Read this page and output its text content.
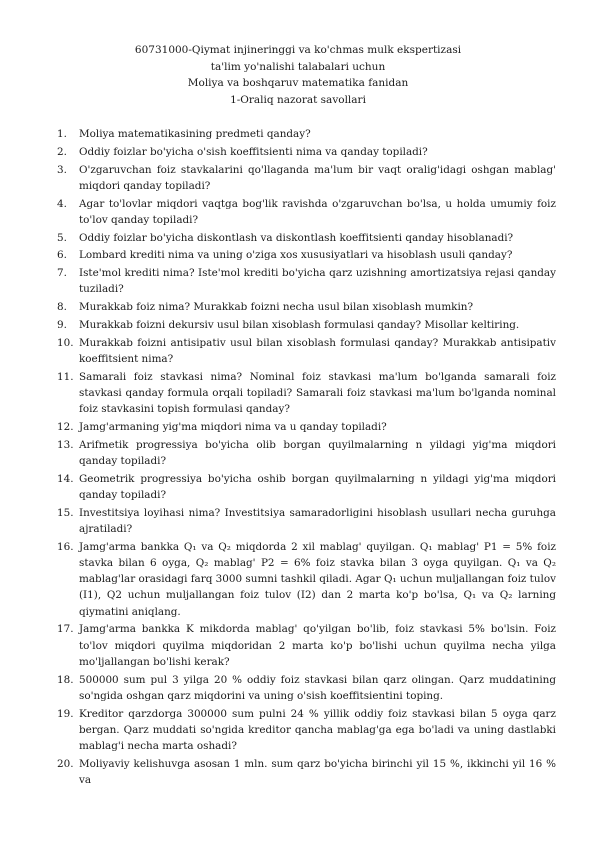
60731000-Qiymat injineringgi va ko'chmas mulk ekspertizasi
ta'lim yo'nalishi talabalari uchun
Moliya va boshqaruv matematika fanidan
1-Oraliq nazorat savollari
1. Moliya matematikasining predmeti qanday?
2. Oddiy foizlar bo'yicha o'sish koeffitsienti nima va qanday topiladi?
3. O'zgaruvchan foiz stavkalarini qo'llaganda ma'lum bir vaqt oralig'idagi oshgan mablag' miqdori qanday topiladi?
4. Agar to'lovlar miqdori vaqtga bog'lik ravishda o'zgaruvchan bo'lsa, u holda umumiy foiz to'lov qanday topiladi?
5. Oddiy foizlar bo'yicha diskontlash va diskontlash koeffitsienti qanday hisoblanadi?
6. Lombard krediti nima va uning o'ziga xos xususiyatlari va hisoblash usuli qanday?
7. Iste'mol krediti nima? Iste'mol krediti bo'yicha qarz uzishning amortizatsiya rejasi qanday tuziladi?
8. Murakkab foiz nima? Murakkab foizni necha usul bilan xisoblash mumkin?
9. Murakkab foizni dekursiv usul bilan xisoblash formulasi qanday? Misollar keltiring.
10. Murakkab foizni antisipativ usul bilan xisoblash formulasi qanday? Murakkab antisipativ koeffitsient nima?
11. Samarali foiz stavkasi nima? Nominal foiz stavkasi ma'lum bo'lganda samarali foiz stavkasi qanday formula orqali topiladi? Samarali foiz stavkasi ma'lum bo'lganda nominal foiz stavkasini topish formulasi qanday?
12. Jamg'armaning yig'ma miqdori nima va u qanday topiladi?
13. Arifmetik progressiya bo'yicha olib borgan quyilmalarning n yildagi yig'ma miqdori qanday topiladi?
14. Geometrik progressiya bo'yicha oshib borgan quyilmalarning n yildagi yig'ma miqdori qanday topiladi?
15. Investitsiya loyihasi nima? Investitsiya samaradorligini hisoblash usullari necha guruhga ajratiladi?
16. Jamg'arma bankka Q₁ va Q₂ miqdorda 2 xil mablag' quyilgan. Q₁ mablag' P1 = 5% foiz stavka bilan 6 oyga, Q₂ mablag' P2 = 6% foiz stavka bilan 3 oyga quyilgan. Q₁ va Q₂ mablag'lar orasidagi farq 3000 sumni tashkil qiladi. Agar Q₁ uchun muljallangan foiz tulov (I1), Q2 uchun muljallangan foiz tulov (I2) dan 2 marta ko'p bo'lsa, Q₁ va Q₂ larning qiymatini aniqlang.
17. Jamg'arma bankka K mikdorda mablag' qo'yilgan bo'lib, foiz stavkasi 5% bo'lsin. Foiz to'lov miqdori quyilma miqdoridan 2 marta ko'p bo'lishi uchun quyilma necha yilga mo'ljallangan bo'lishi kerak?
18. 500000 sum pul 3 yilga 20 % oddiy foiz stavkasi bilan qarz olingan. Qarz muddatining so'ngida oshgan qarz miqdorini va uning o'sish koeffitsientini toping.
19. Kreditor qarzdorga 300000 sum pulni 24 % yillik oddiy foiz stavkasi bilan 5 oyga qarz bergan. Qarz muddati so'ngida kreditor qancha mablag'ga ega bo'ladi va uning dastlabki mablag'i necha marta oshadi?
20. Moliyaviy kelishuvga asosan 1 mln. sum qarz bo'yicha birinchi yil 15 %, ikkinchi yil 16 % va
